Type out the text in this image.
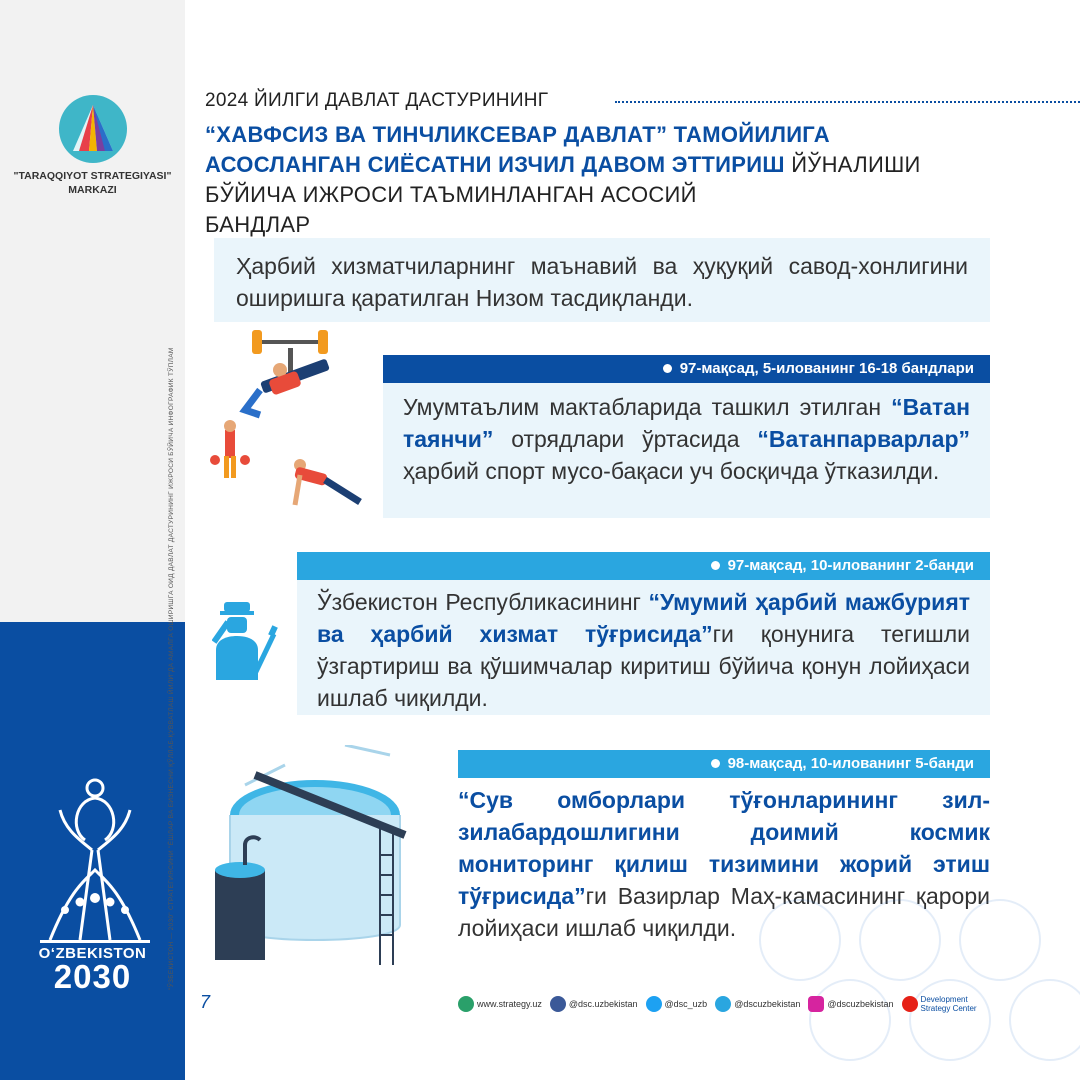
"TARAQQIYOT STRATEGIYASI"
MARKAZI
O‘ZBEKISTON
2030	"ЎЗБЕКИСТОН — 2030" СТРАТЕГИЯСИНИ "ЁШЛАР ВА БИЗНЕСНИ ҚЎЛЛАБ-ҚУВВАТЛАШ ЙИЛИ"ДА АМАЛГА ОШИРИШГА ОИД ДАВЛАТ ДАСТУРИНИНГ ИЖРОСИ БЎЙИЧА ИНФОГРАФИК ТЎПЛАМ
2024 ЙИЛГИ ДАВЛАТ ДАСТУРИНИНГ
“ХАВФСИЗ ВА ТИНЧЛИКСЕВАР ДАВЛАТ” ТАМОЙИЛИГА
АСОСЛАНГАН СИЁСАТНИ ИЗЧИЛ ДАВОМ ЭТТИРИШ ЙЎНАЛИШИ
БЎЙИЧА ИЖРОСИ ТАЪМИНЛАНГАН АСОСИЙ БАНДЛАР
Ҳарбий хизматчиларнинг маънавий ва ҳуқуқий савод-хонлигини оширишга қаратилган Низом тасдиқланди.
97-мақсад, 5-илованинг 16-18 бандлари
Умумтаълим мактабларида ташкил этилган “Ватан таянчи” отрядлари ўртасида “Ватанпарварлар” ҳарбий спорт мусо-бақаси уч босқичда ўтказилди.
97-мақсад, 10-илованинг 2-банди
Ўзбекистон Республикасининг “Умумий ҳарбий мажбурият ва ҳарбий хизмат тўғрисида”ги қонунига тегишли ўзгартириш ва қўшимчалар киритиш бўйича қонун лойиҳаси ишлаб чиқилди.
98-мақсад, 10-илованинг 5-банди
“Сув омборлари тўғонларининг зил-зилабардошлигини доимий космик мониторинг қилиш тизимини жорий этиш тўғрисида”ги Вазирлар Маҳ-камасининг қарори лойиҳаси ишлаб чиқилди.
7	www.strategy.uz	@dsc.uzbekistan	@dsc_uzb	@dscuzbekistan	@dscuzbekistan	Development
Strategy Center
